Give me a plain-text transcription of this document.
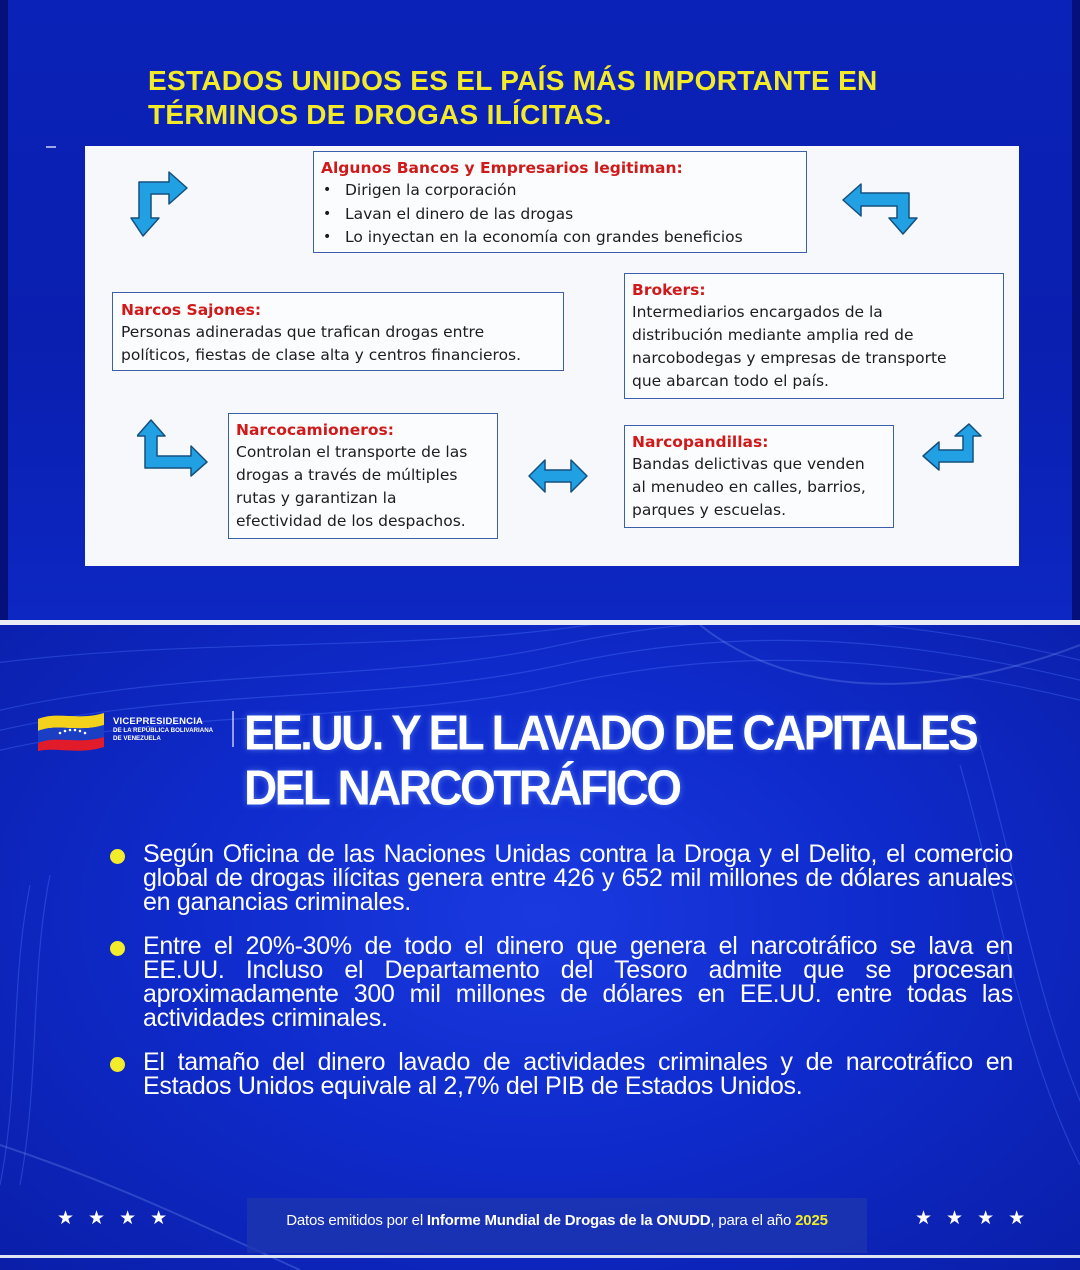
ESTADOS UNIDOS ES EL PAÍS MÁS IMPORTANTE EN
TÉRMINOS DE DROGAS ILÍCITAS.
Algunos Bancos y Empresarios legitiman:
• Dirigen la corporación
• Lavan el dinero de las drogas
• Lo inyectan en la economía con grandes beneficios
Narcos Sajones:
Personas adineradas que trafican drogas entre
políticos, fiestas de clase alta y centros financieros.
Brokers:
Intermediarios encargados de la
distribución mediante amplia red de
narcobodegas y empresas de transporte
que abarcan todo el país.
Narcocamioneros:
Controlan el transporte de las
drogas a través de múltiples
rutas y garantizan la
efectividad de los despachos.
Narcopandillas:
Bandas delictivas que venden
al menudeo en calles, barrios,
parques y escuelas.
VICEPRESIDENCIA
DE LA REPÚBLICA BOLIVARIANA
DE VENEZUELA	EE.UU. Y EL LAVADO DE CAPITALES DEL NARCOTRÁFICO
Según Oficina de las Naciones Unidas contra la Droga y el Delito, el comercio global de drogas ilícitas genera entre 426 y 652 mil millones de dólares anuales en ganancias criminales.
Entre el 20%-30% de todo el dinero que genera el narcotráfico se lava en EE.UU. Incluso el Departamento del Tesoro admite que se procesan aproximadamente 300 mil millones de dólares en EE.UU. entre todas las actividades criminales.
El tamaño del dinero lavado de actividades criminales y de narcotráfico en Estados Unidos equivale al 2,7% del PIB de Estados Unidos.
Datos emitidos por el Informe Mundial de Drogas de la ONUDD, para el año 2025
★★★★	★★★★
